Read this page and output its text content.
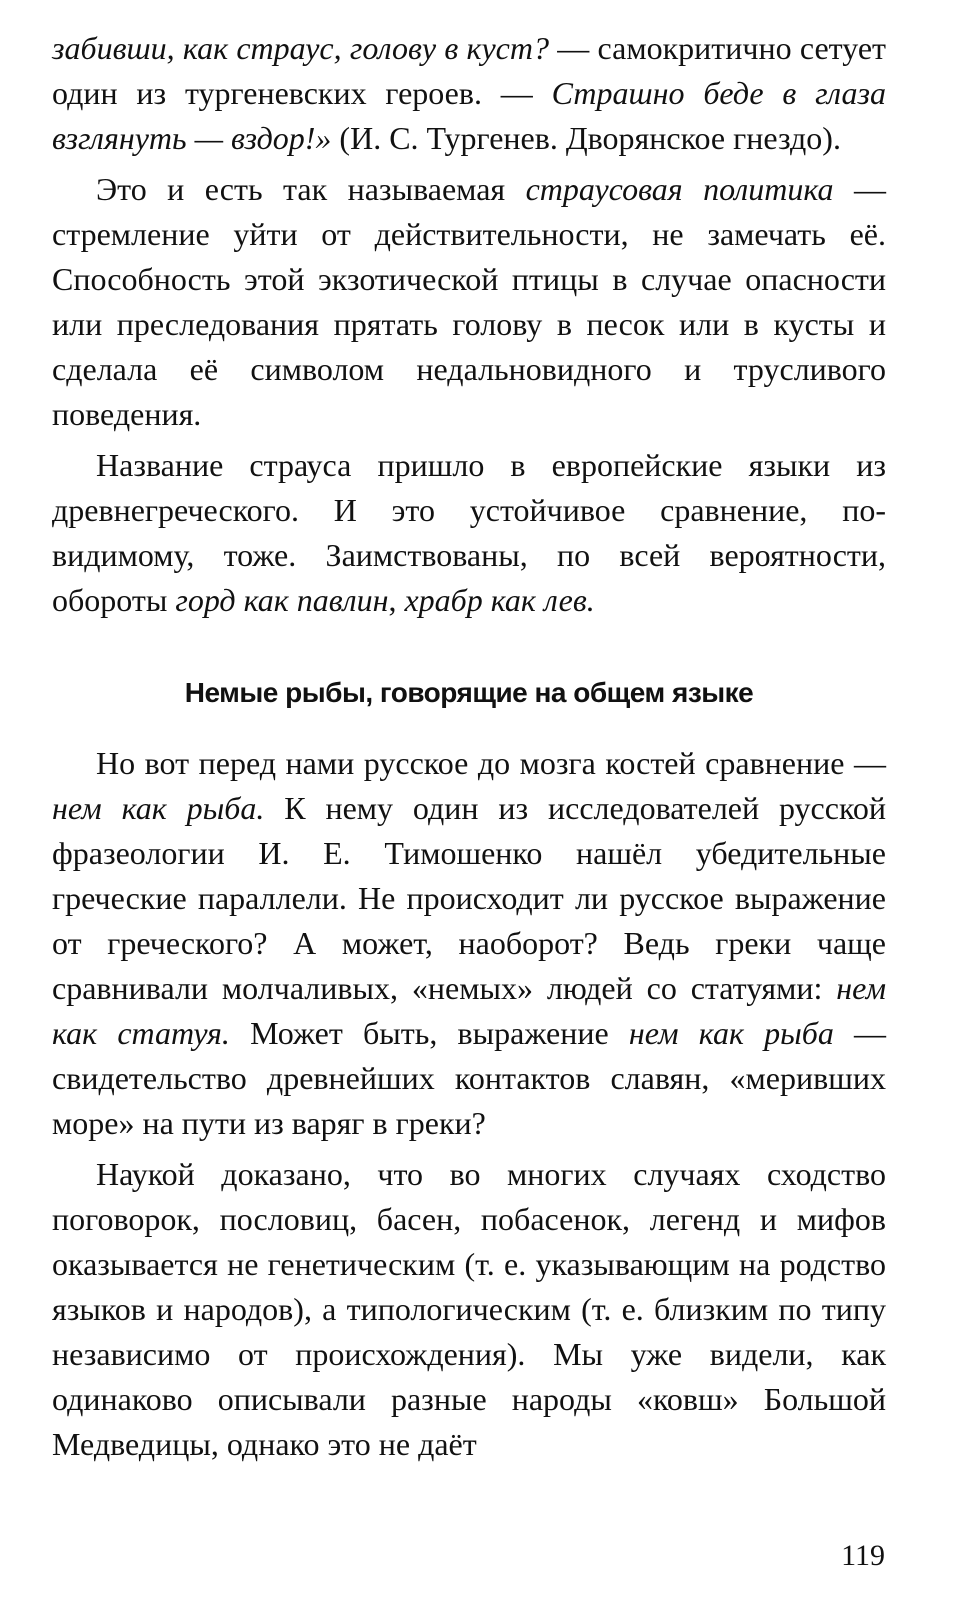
забивши, как страус, голову в куст? — самокритично сетует один из тургеневских героев. — Страшно беде в глаза взглянуть — вздор!» (И. С. Тургенев. Дворянское гнездо).

Это и есть так называемая страусовая политика — стремление уйти от действительности, не замечать её. Способность этой экзотической птицы в случае опасности или преследования прятать голову в песок или в кусты и сделала её символом недальновидного и трусливого поведения.

Название страуса пришло в европейские языки из древнегреческого. И это устойчивое сравнение, по-видимому, тоже. Заимствованы, по всей вероятности, обороты горд как павлин, храбр как лев.

Немые рыбы, говорящие на общем языке

Но вот перед нами русское до мозга костей сравнение — нем как рыба. К нему один из исследователей русской фразеологии И. Е. Тимошенко нашёл убедительные греческие параллели. Не происходит ли русское выражение от греческого? А может, наоборот? Ведь греки чаще сравнивали молчаливых, «немых» людей со статуями: нем как статуя. Может быть, выражение нем как рыба — свидетельство древнейших контактов славян, «меривших море» на пути из варяг в греки?

Наукой доказано, что во многих случаях сходство поговорок, пословиц, басен, побасенок, легенд и мифов оказывается не генетическим (т. е. указывающим на родство языков и народов), а типологическим (т. е. близким по типу независимо от происхождения). Мы уже видели, как одинаково описывали разные народы «ковш» Большой Медведицы, однако это не даёт

119
